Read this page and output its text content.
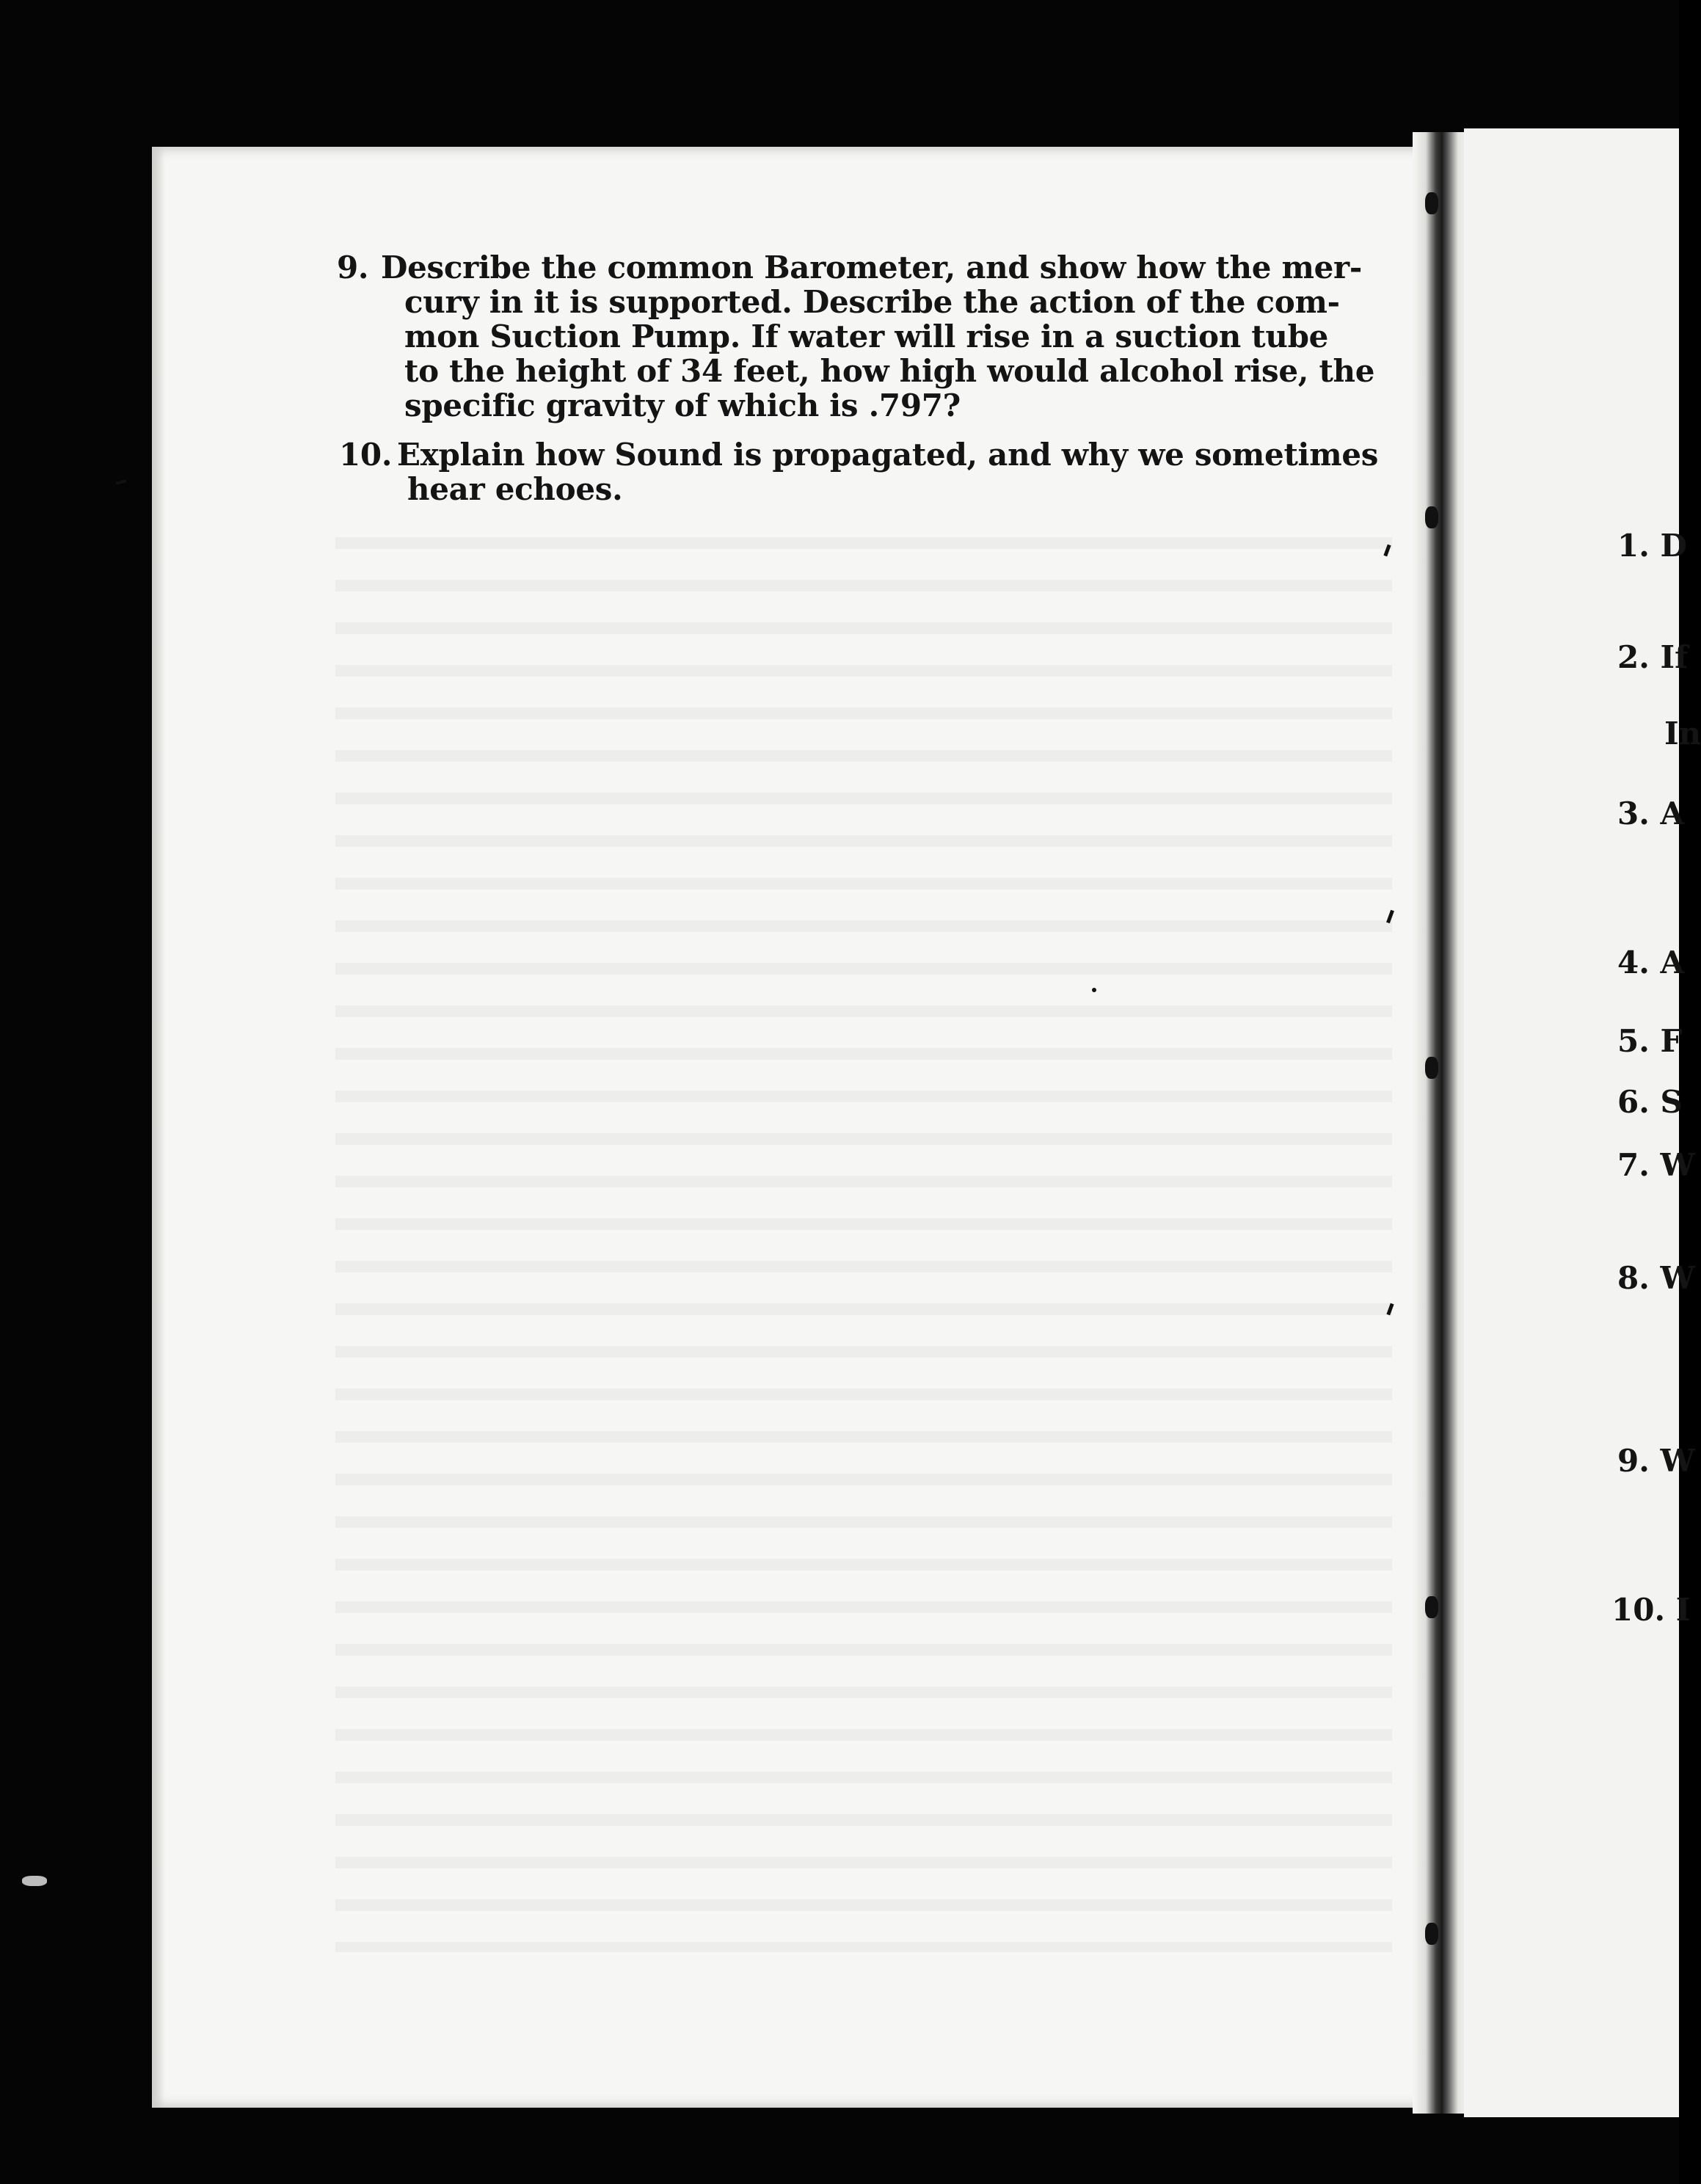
9. Describe the common Barometer, and show how the mer-
cury in it is supported. Describe the action of the com-
mon Suction Pump. If water will rise in a suction tube
to the height of 34 feet, how high would alcohol rise, the
specific gravity of which is .797?
10. Explain how Sound is propagated, and why we sometimes
hear echoes.
1. D
2. If
In
3. A
4. A
5. F
6. S
7. W
8. W
9. W
10. I
